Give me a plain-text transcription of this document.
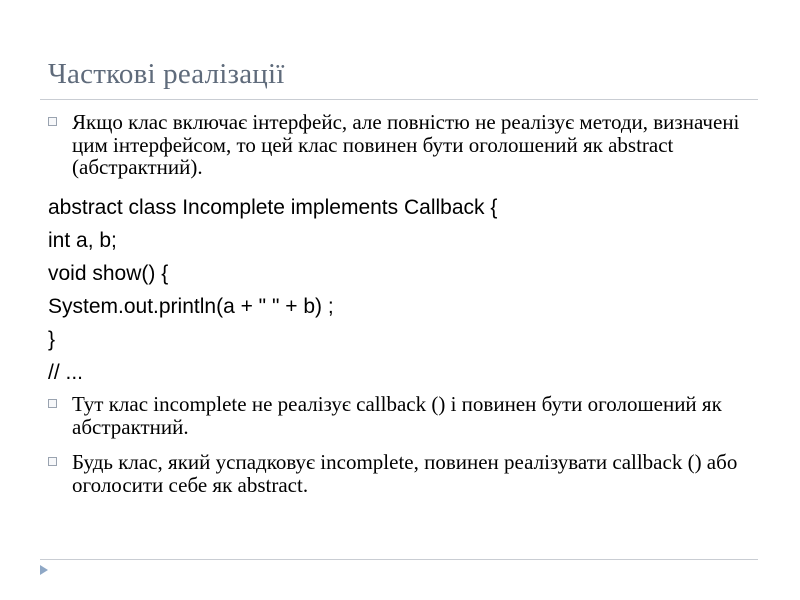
Часткові реалізації
Якщо клас включає інтерфейс, але повністю не реалізує методи, визначені цим інтерфейсом, то цей клас повинен бути оголошений як abstract (абстрактний).
abstract class Incomplete implements Callback {
int a, b;
void show() {
System.out.println(a + " " + b) ;
}
// ...
Тут клас incomplete не реалізує callback () і повинен бути оголошений як абстрактний.
Будь клас, який успадковує incomplete, повинен реалізувати callback () або оголосити себе як abstract.
